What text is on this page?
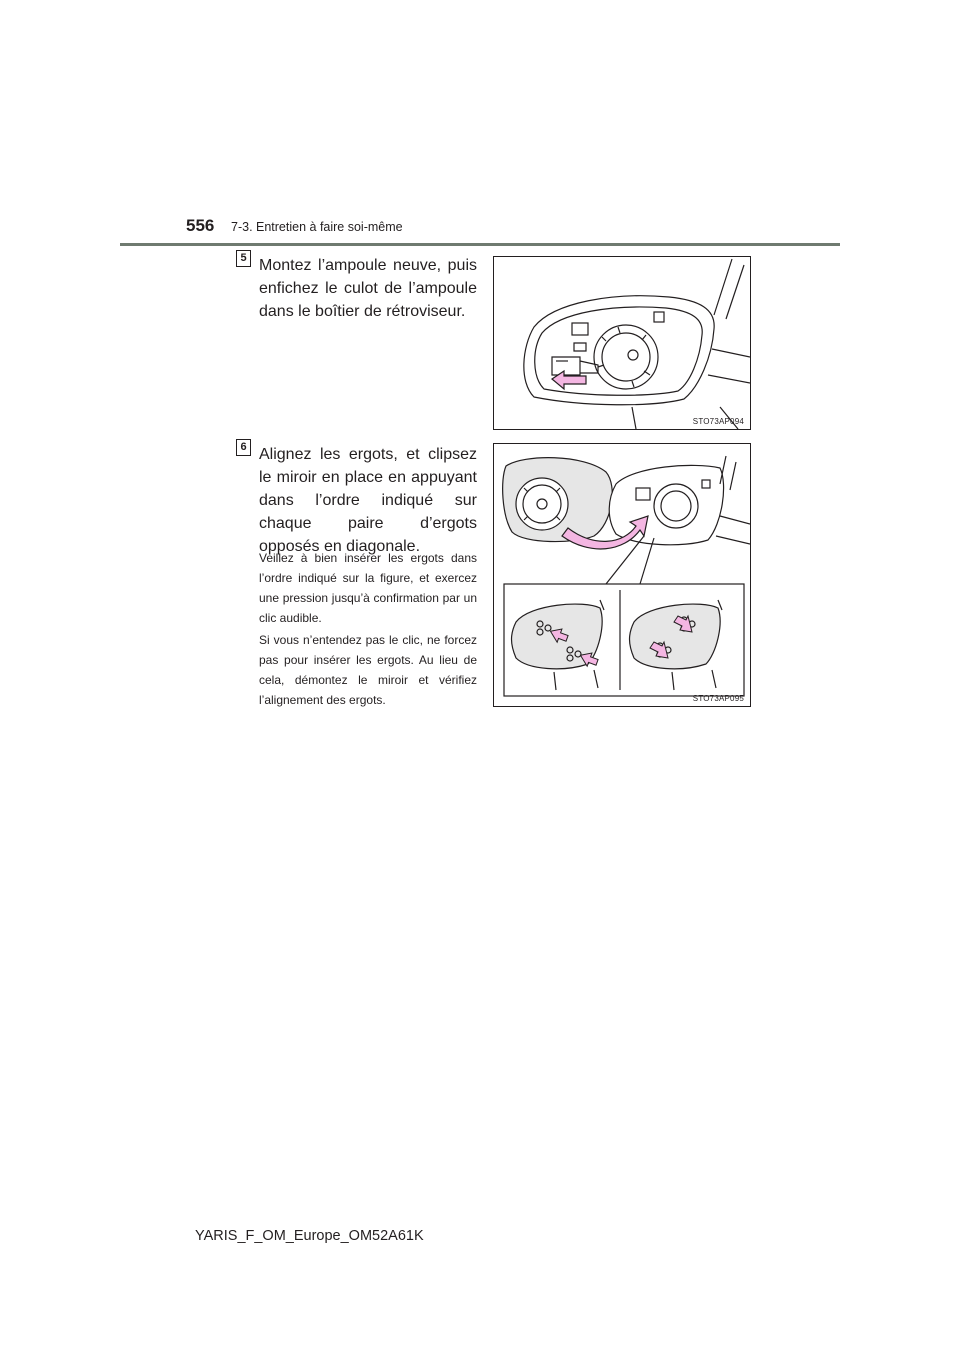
556 7-3. Entretien à faire soi-même
5 Montez l’ampoule neuve, puis enfichez le culot de l’ampoule dans le boîtier de rétroviseur.
STO73AP094
6 Alignez les ergots, et clipsez le miroir en place en appuyant dans l’ordre indiqué sur chaque paire d’ergots opposés en diagonale.
Veillez à bien insérer les ergots dans l’ordre indiqué sur la figure, et exercez une pression jusqu’à confirmation par un clic audible.
Si vous n’entendez pas le clic, ne forcez pas pour insérer les ergots. Au lieu de cela, démontez le miroir et vérifiez l’alignement des ergots.	STO73AP095
YARIS_F_OM_Europe_OM52A61K
